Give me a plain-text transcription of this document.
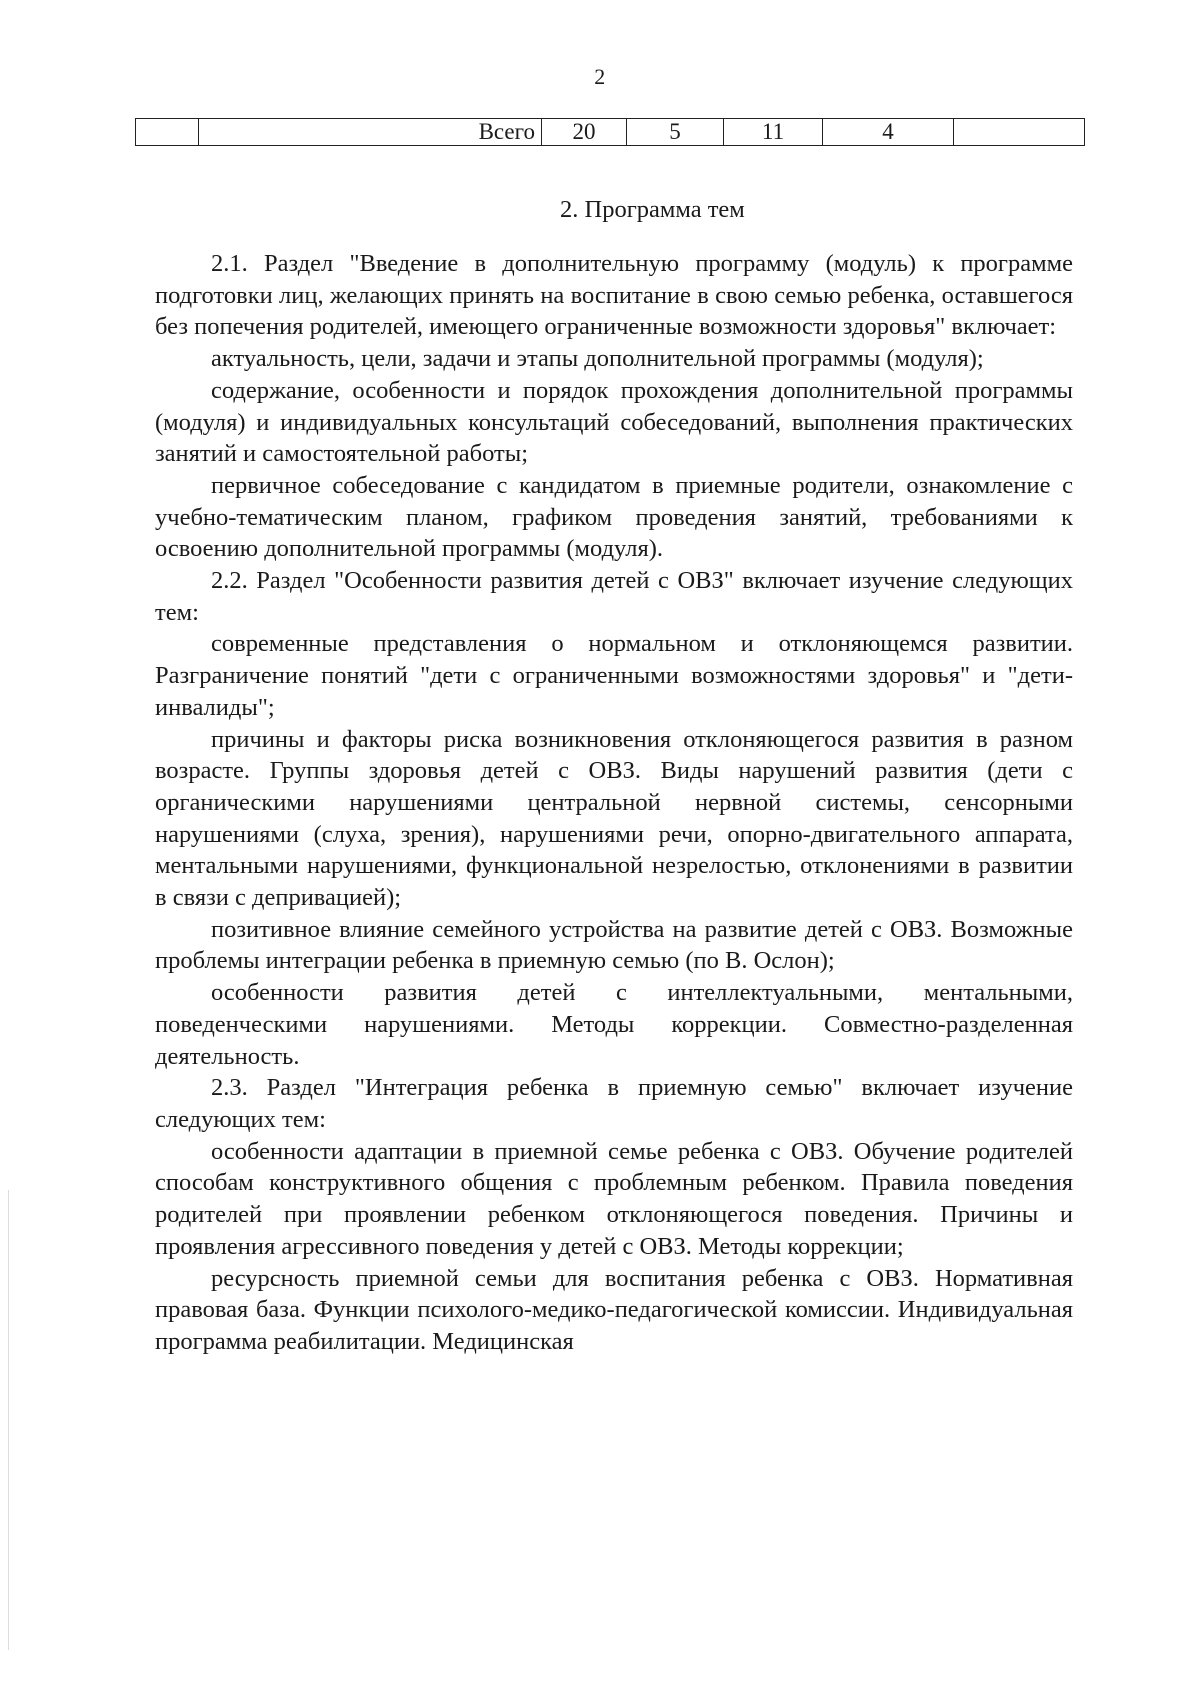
2
	Всего	20	5	11	4	
2. Программа тем

2.1. Раздел "Введение в дополнительную программу (модуль) к программе подготовки лиц, желающих принять на воспитание в свою семью ребенка, оставшегося без попечения родителей, имеющего ограниченные возможности здоровья" включает:

актуальность, цели, задачи и этапы дополнительной программы (модуля);

содержание, особенности и порядок прохождения дополнительной программы (модуля) и индивидуальных консультаций собеседований, выполнения практических занятий и самостоятельной работы;

первичное собеседование с кандидатом в приемные родители, ознакомление с учебно-тематическим планом, графиком проведения занятий, требованиями к освоению дополнительной программы (модуля).

2.2. Раздел "Особенности развития детей с ОВЗ" включает изучение следующих тем:

современные представления о нормальном и отклоняющемся развитии. Разграничение понятий "дети с ограниченными возможностями здоровья" и "дети-инвалиды";

причины и факторы риска возникновения отклоняющегося развития в разном возрасте. Группы здоровья детей с ОВЗ. Виды нарушений развития (дети с органическими нарушениями центральной нервной системы, сенсорными нарушениями (слуха, зрения), нарушениями речи, опорно-двигательного аппарата, ментальными нарушениями, функциональной незрелостью, отклонениями в развитии в связи с депривацией);

позитивное влияние семейного устройства на развитие детей с ОВЗ. Возможные проблемы интеграции ребенка в приемную семью (по В. Ослон);

особенности развития детей с интеллектуальными, ментальными, поведенческими нарушениями. Методы коррекции. Совместно-разделенная деятельность.

2.3. Раздел "Интеграция ребенка в приемную семью" включает изучение следующих тем:

особенности адаптации в приемной семье ребенка с ОВЗ. Обучение родителей способам конструктивного общения с проблемным ребенком. Правила поведения родителей при проявлении ребенком отклоняющегося поведения. Причины и проявления агрессивного поведения у детей с ОВЗ. Методы коррекции;

ресурсность приемной семьи для воспитания ребенка с ОВЗ. Нормативная правовая база. Функции психолого-медико-педагогической комиссии. Индивидуальная программа реабилитации. Медицинская
